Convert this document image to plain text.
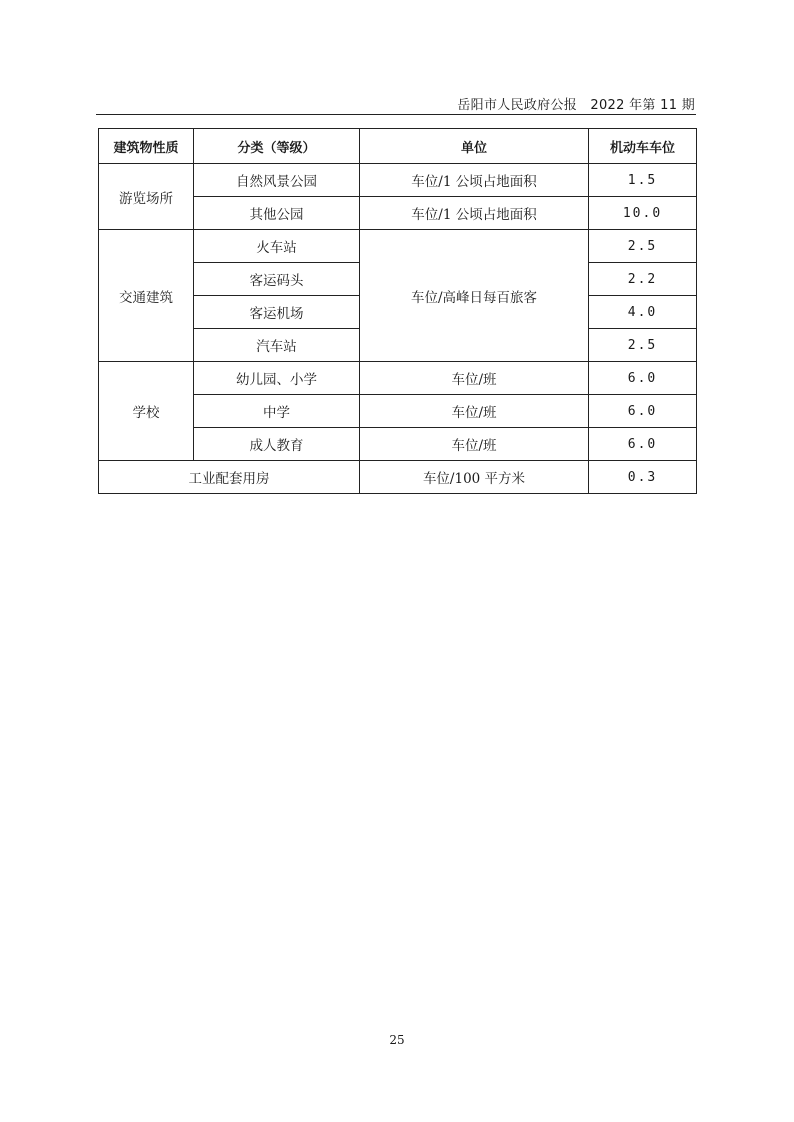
岳阳市人民政府公报 2022 年第 11 期
建筑物性质	分类（等级）	单位	机动车车位
游览场所	自然风景公园	车位/1 公顷占地面积	1.5
	其他公园	车位/1 公顷占地面积	10.0
交通建筑	火车站	车位/高峰日每百旅客	2.5
	客运码头		2.2
	客运机场		4.0
	汽车站		2.5
学校	幼儿园、小学	车位/班	6.0
	中学	车位/班	6.0
	成人教育	车位/班	6.0
工业配套用房		车位/100 平方米	0.3
25
